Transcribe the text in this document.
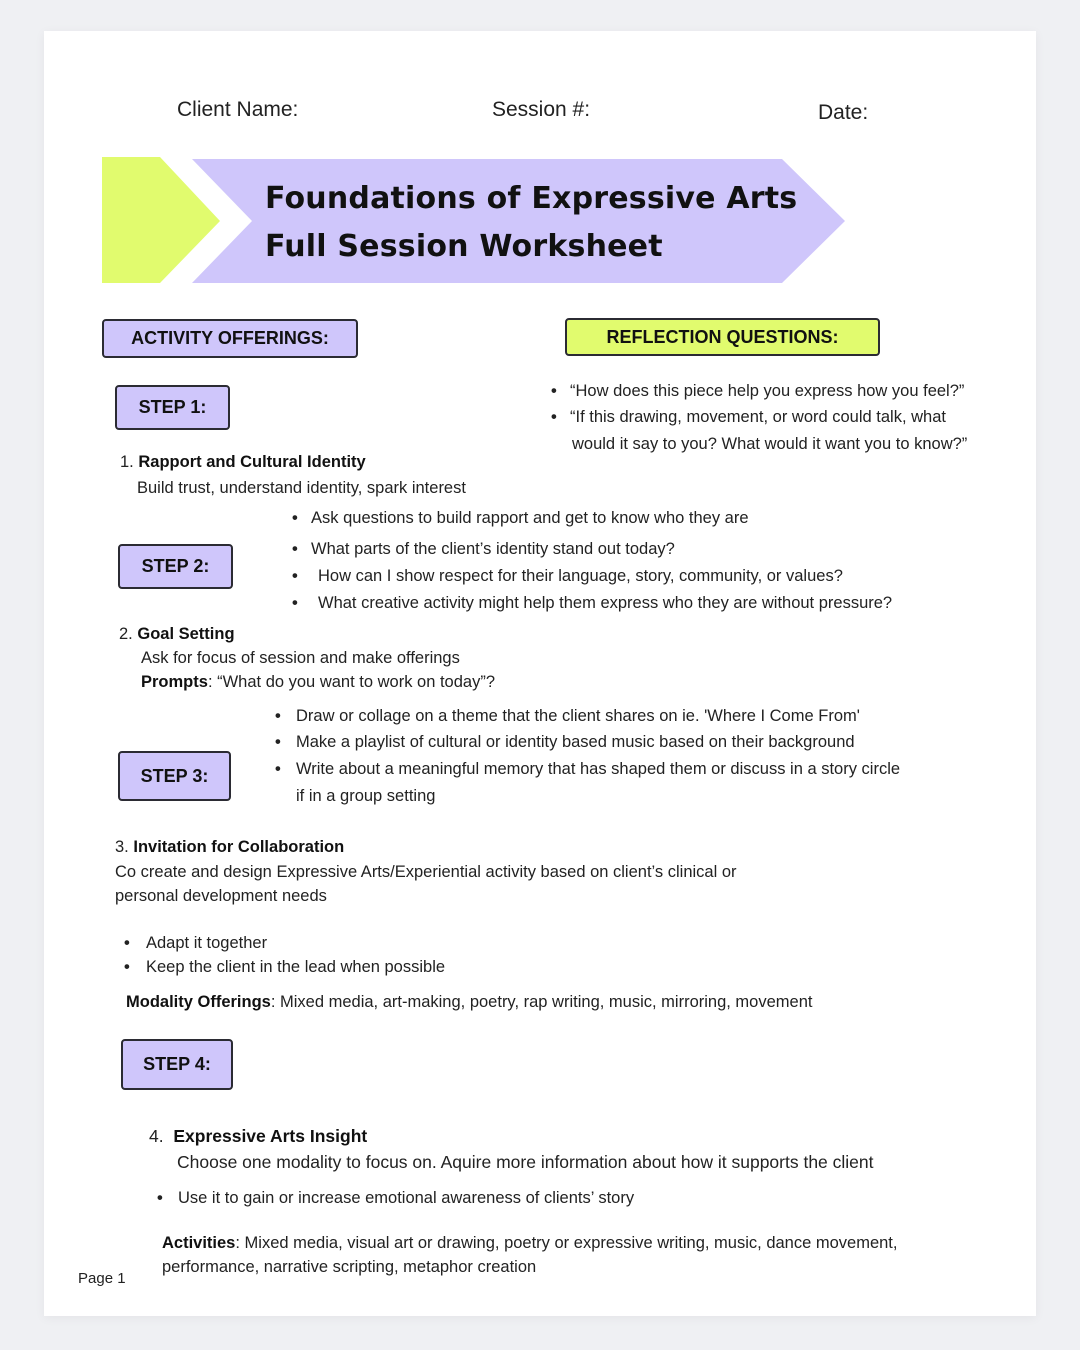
Client Name:	Session #:	Date:
Foundations of Expressive Arts
Full Session Worksheet
ACTIVITY OFFERINGS:	REFLECTION QUESTIONS:
• “How does this piece help you express how you feel?”
• “If this drawing, movement, or word could talk, what
would it say to you? What would it want you to know?”
STEP 1:
1. Rapport and Cultural Identity
Build trust, understand identity, spark interest
• Ask questions to build rapport and get to know who they are
• What parts of the client’s identity stand out today?
• How can I show respect for their language, story, community, or values?
• What creative activity might help them express who they are without pressure?
STEP 2:
2. Goal Setting
Ask for focus of session and make offerings
Prompts: “What do you want to work on today”?
• Draw or collage on a theme that the client shares on ie. 'Where I Come From'
• Make a playlist of cultural or identity based music based on their background
• Write about a meaningful memory that has shaped them or discuss in a story circle
if in a group setting
STEP 3:
3. Invitation for Collaboration
Co create and design Expressive Arts/Experiential activity based on client’s clinical or
personal development needs
• Adapt it together
• Keep the client in the lead when possible
Modality Offerings: Mixed media, art-making, poetry, rap writing, music, mirroring, movement
STEP 4:
4. Expressive Arts Insight
Choose one modality to focus on. Aquire more information about how it supports the client
• Use it to gain or increase emotional awareness of clients’ story
Activities: Mixed media, visual art or drawing, poetry or expressive writing, music, dance movement,
performance, narrative scripting, metaphor creation
Page 1
